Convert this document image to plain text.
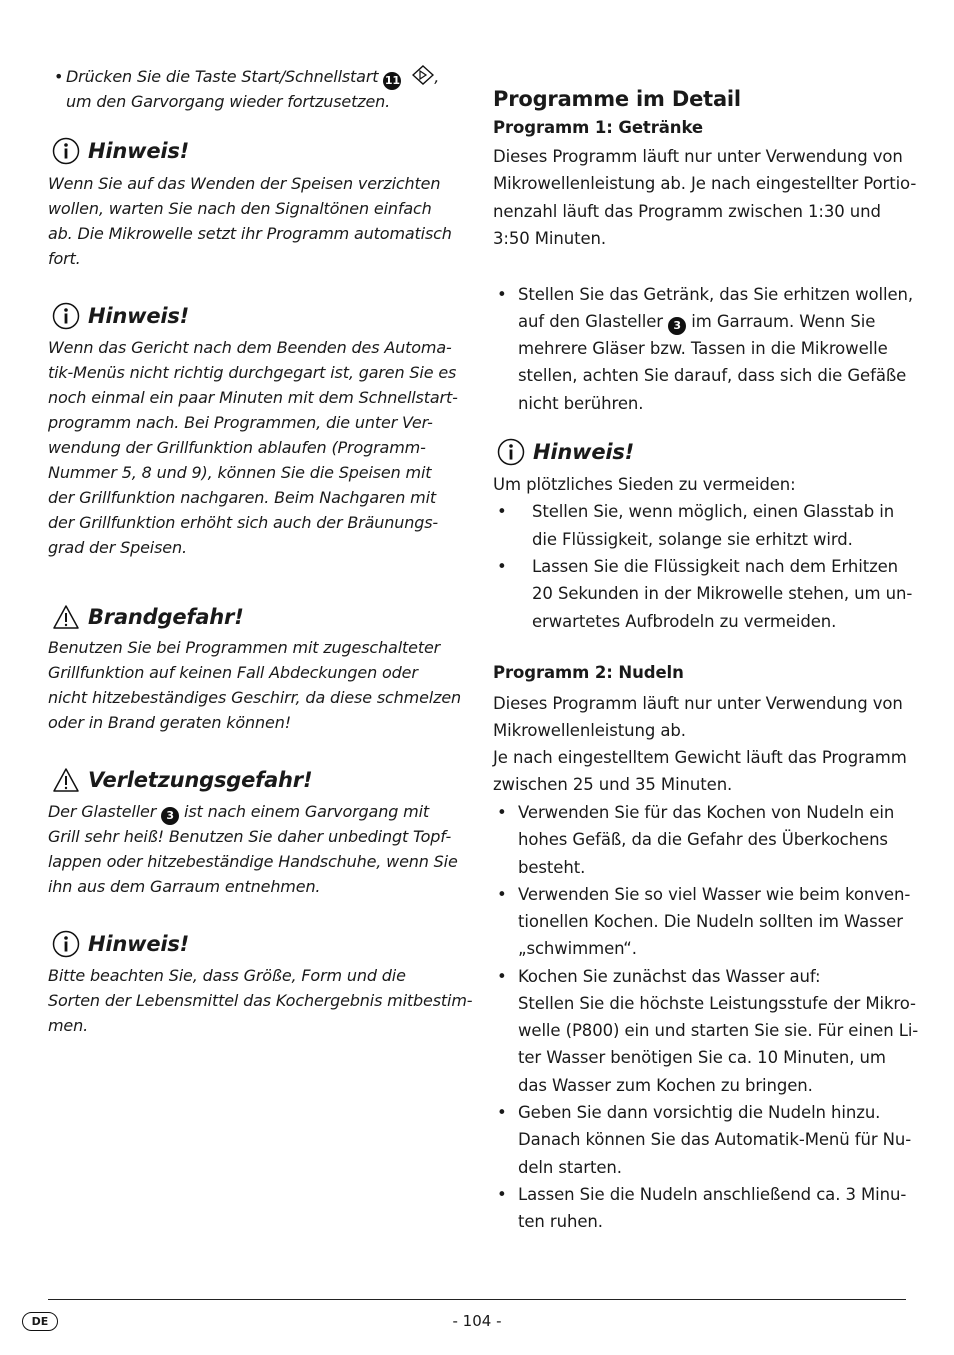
• Drücken Sie die Taste Start/Schnellstart 11 ,
um den Garvorgang wieder fortzusetzen.
Hinweis!
Wenn Sie auf das Wenden der Speisen verzichten
wollen, warten Sie nach den Signaltönen einfach
ab. Die Mikrowelle setzt ihr Programm automatisch
fort.
Hinweis!
Wenn das Gericht nach dem Beenden des Automa-
tik-Menüs nicht richtig durchgegart ist, garen Sie es
noch einmal ein paar Minuten mit dem Schnellstart-
programm nach. Bei Programmen, die unter Ver-
wendung der Grillfunktion ablaufen (Programm-
Nummer 5, 8 und 9), können Sie die Speisen mit
der Grillfunktion nachgaren. Beim Nachgaren mit
der Grillfunktion erhöht sich auch der Bräunungs-
grad der Speisen.
Brandgefahr!
Benutzen Sie bei Programmen mit zugeschalteter
Grillfunktion auf keinen Fall Abdeckungen oder
nicht hitzebeständiges Geschirr, da diese schmelzen
oder in Brand geraten können!
Verletzungsgefahr!
Der Glasteller 3 ist nach einem Garvorgang mit
Grill sehr heiß! Benutzen Sie daher unbedingt Topf-
lappen oder hitzebeständige Handschuhe, wenn Sie
ihn aus dem Garraum entnehmen.
Hinweis!
Bitte beachten Sie, dass Größe, Form und die
Sorten der Lebensmittel das Kochergebnis mitbestim-
men.
Programme im Detail
Programm 1: Getränke
Dieses Programm läuft nur unter Verwendung von
Mikrowellenleistung ab. Je nach eingestellter Portio-
nenzahl läuft das Programm zwischen 1:30 und
3:50 Minuten.
• Stellen Sie das Getränk, das Sie erhitzen wollen,
auf den Glasteller 3 im Garraum. Wenn Sie
mehrere Gläser bzw. Tassen in die Mikrowelle
stellen, achten Sie darauf, dass sich die Gefäße
nicht berühren.
Hinweis!
Um plötzliches Sieden zu vermeiden:
• Stellen Sie, wenn möglich, einen Glasstab in
die Flüssigkeit, solange sie erhitzt wird.
• Lassen Sie die Flüssigkeit nach dem Erhitzen
20 Sekunden in der Mikrowelle stehen, um un-
erwartetes Aufbrodeln zu vermeiden.
Programm 2: Nudeln
Dieses Programm läuft nur unter Verwendung von
Mikrowellenleistung ab.
Je nach eingestelltem Gewicht läuft das Programm
zwischen 25 und 35 Minuten.
• Verwenden Sie für das Kochen von Nudeln ein
hohes Gefäß, da die Gefahr des Überkochens
besteht.
• Verwenden Sie so viel Wasser wie beim konven-
tionellen Kochen. Die Nudeln sollten im Wasser
„schwimmen“.
• Kochen Sie zunächst das Wasser auf:
Stellen Sie die höchste Leistungsstufe der Mikro-
welle (P800) ein und starten Sie sie. Für einen Li-
ter Wasser benötigen Sie ca. 10 Minuten, um
das Wasser zum Kochen zu bringen.
• Geben Sie dann vorsichtig die Nudeln hinzu.
Danach können Sie das Automatik-Menü für Nu-
deln starten.
• Lassen Sie die Nudeln anschließend ca. 3 Minu-
ten ruhen.
DE	- 104 -
